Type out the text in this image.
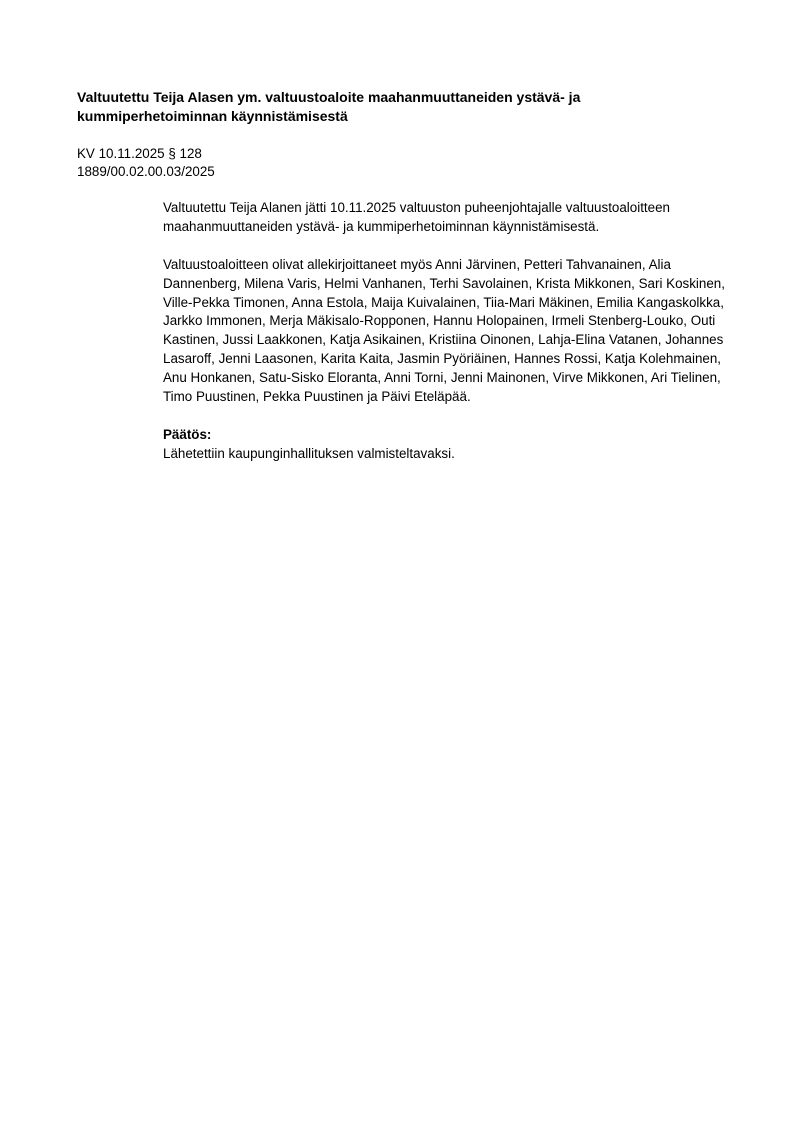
Valtuutettu Teija Alasen ym. valtuustoaloite maahanmuuttaneiden ystävä- ja kummiperhetoiminnan käynnistämisestä
KV 10.11.2025 § 128
1889/00.02.00.03/2025

Valtuutettu Teija Alanen jätti 10.11.2025 valtuuston puheenjohtajalle valtuustoaloitteen maahanmuuttaneiden ystävä- ja kummiperhetoiminnan käynnistämisestä.

Valtuustoaloitteen olivat allekirjoittaneet myös Anni Järvinen, Petteri Tahvanainen, Alia Dannenberg, Milena Varis, Helmi Vanhanen, Terhi Savolainen, Krista Mikkonen, Sari Koskinen, Ville-Pekka Timonen, Anna Estola, Maija Kuivalainen, Tiia-Mari Mäkinen, Emilia Kangaskolkka, Jarkko Immonen, Merja Mäkisalo-Ropponen, Hannu Holopainen, Irmeli Stenberg-Louko, Outi Kastinen, Jussi Laakkonen, Katja Asikainen, Kristiina Oinonen, Lahja-Elina Vatanen, Johannes Lasaroff, Jenni Laasonen, Karita Kaita, Jasmin Pyöriäinen, Hannes Rossi, Katja Kolehmainen, Anu Honkanen, Satu-Sisko Eloranta, Anni Torni, Jenni Mainonen, Virve Mikkonen, Ari Tielinen, Timo Puustinen, Pekka Puustinen ja Päivi Eteläpää.

Päätös:
Lähetettiin kaupunginhallituksen valmisteltavaksi.
